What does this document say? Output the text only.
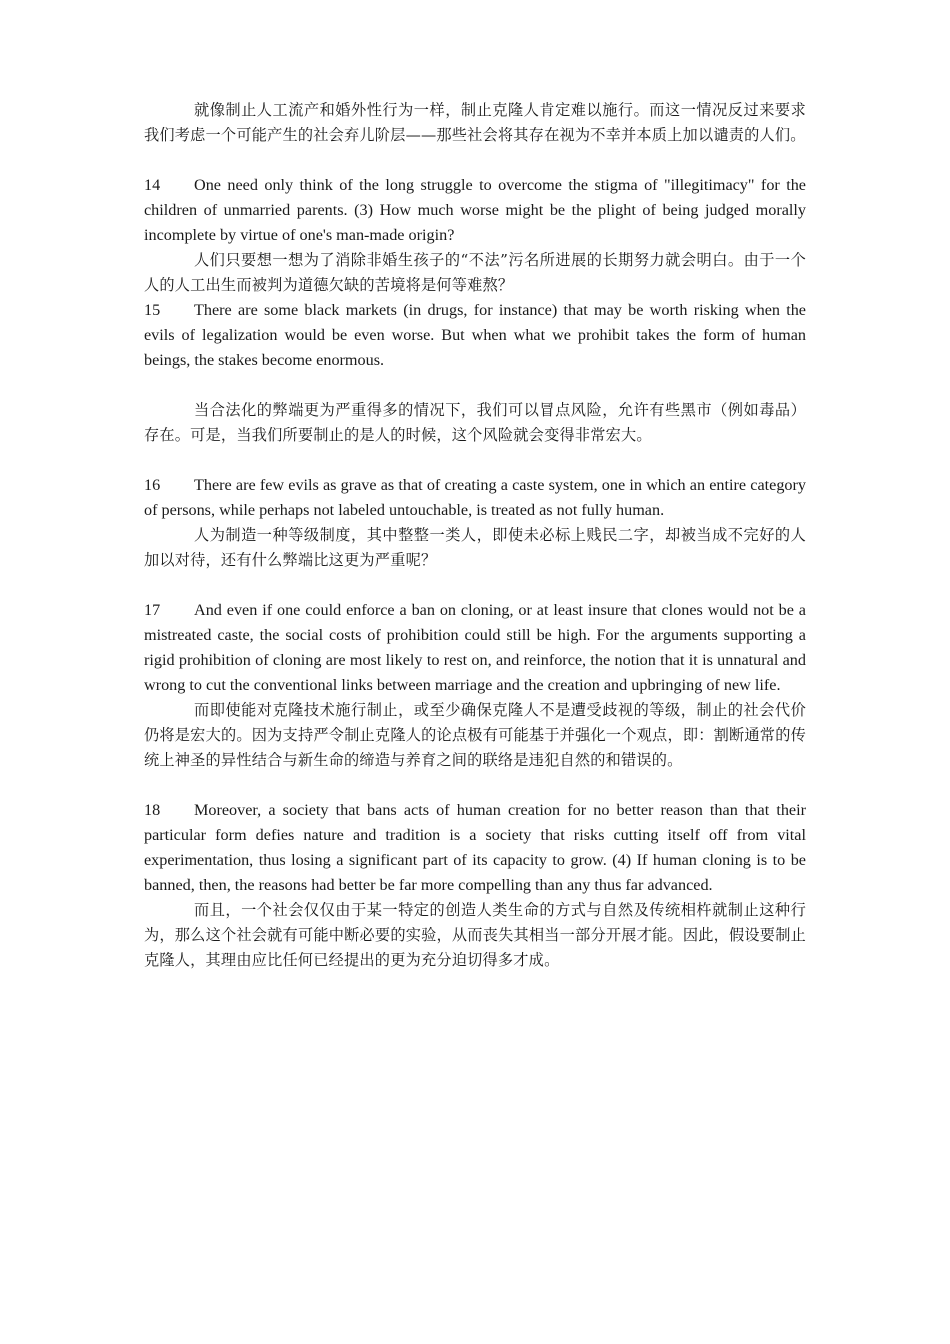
就像制止人工流产和婚外性行为一样，制止克隆人肯定难以施行。而这一情况反过来要求我们考虑一个可能产生的社会弃儿阶层——那些社会将其存在视为不幸并本质上加以谴责的人们。

14 One need only think of the long struggle to overcome the stigma of "illegitimacy" for the children of unmarried parents. (3) How much worse might be the plight of being judged morally incomplete by virtue of one's man-made origin?

人们只要想一想为了消除非婚生孩子的“不法”污名所进展的长期努力就会明白。由于一个人的人工出生而被判为道德欠缺的苦境将是何等难熬？

15 There are some black markets (in drugs, for instance) that may be worth risking when the evils of legalization would be even worse. But when what we prohibit takes the form of human beings, the stakes become enormous.

当合法化的弊端更为严重得多的情况下，我们可以冒点风险，允许有些黑市（例如毒品）存在。可是，当我们所要制止的是人的时候，这个风险就会变得非常宏大。

16 There are few evils as grave as that of creating a caste system, one in which an entire category of persons, while perhaps not labeled untouchable, is treated as not fully human.

人为制造一种等级制度，其中整整一类人，即使未必标上贱民二字，却被当成不完好的人加以对待，还有什么弊端比这更为严重呢？

17 And even if one could enforce a ban on cloning, or at least insure that clones would not be a mistreated caste, the social costs of prohibition could still be high. For the arguments supporting a rigid prohibition of cloning are most likely to rest on, and reinforce, the notion that it is unnatural and wrong to cut the conventional links between marriage and the creation and upbringing of new life.

而即使能对克隆技术施行制止，或至少确保克隆人不是遭受歧视的等级，制止的社会代价仍将是宏大的。因为支持严令制止克隆人的论点极有可能基于并强化一个观点，即：割断通常的传统上神圣的异性结合与新生命的缔造与养育之间的联络是违犯自然的和错误的。

18 Moreover, a society that bans acts of human creation for no better reason than that their particular form defies nature and tradition is a society that risks cutting itself off from vital experimentation, thus losing a significant part of its capacity to grow. (4) If human cloning is to be banned, then, the reasons had better be far more compelling than any thus far advanced.

而且，一个社会仅仅由于某一特定的创造人类生命的方式与自然及传统相杵就制止这种行为，那么这个社会就有可能中断必要的实验，从而丧失其相当一部分开展才能。因此，假设要制止克隆人，其理由应比任何已经提出的更为充分迫切得多才成。
